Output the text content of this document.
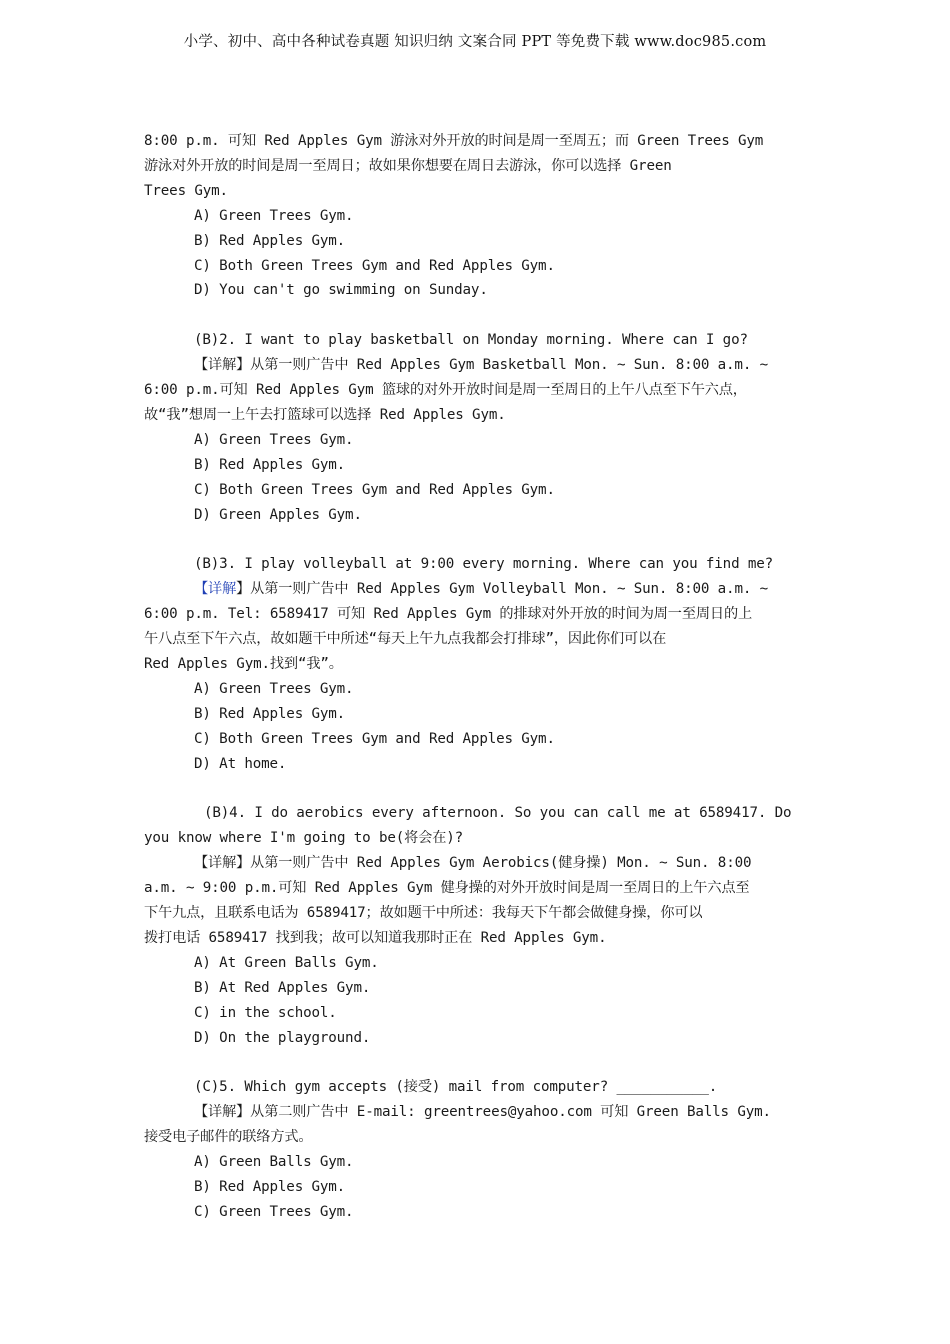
小学、初中、高中各种试卷真题 知识归纳 文案合同 PPT 等免费下载 www.doc985.com
8:00 p.m. 可知 Red Apples Gym 游泳对外开放的时间是周一至周五；而 Green Trees Gym
游泳对外开放的时间是周一至周日；故如果你想要在周日去游泳，你可以选择 Green
Trees Gym.
A) Green Trees Gym.
B) Red Apples Gym.
C) Both Green Trees Gym and Red Apples Gym.
D) You can't go swimming on Sunday.
(B)2. I want to play basketball on Monday morning. Where can I go?
【详解】从第一则广告中 Red Apples Gym Basketball Mon. ~ Sun. 8:00 a.m. ~
6:00 p.m.可知 Red Apples Gym 篮球的对外开放时间是周一至周日的上午八点至下午六点，
故“我”想周一上午去打篮球可以选择 Red Apples Gym.
A) Green Trees Gym.
B) Red Apples Gym.
C) Both Green Trees Gym and Red Apples Gym.
D) Green Apples Gym.
(B)3. I play volleyball at 9:00 every morning. Where can you find me?
【详解】从第一则广告中 Red Apples Gym Volleyball Mon. ~ Sun. 8:00 a.m. ~
6:00 p.m. Tel: 6589417 可知 Red Apples Gym 的排球对外开放的时间为周一至周日的上
午八点至下午六点，故如题干中所述“每天上午九点我都会打排球”，因此你们可以在
Red Apples Gym.找到“我”。
A) Green Trees Gym.
B) Red Apples Gym.
C) Both Green Trees Gym and Red Apples Gym.
D) At home.
(B)4. I do aerobics every afternoon. So you can call me at 6589417. Do
you know where I'm going to be(将会在)?
【详解】从第一则广告中 Red Apples Gym Aerobics(健身操) Mon. ~ Sun. 8:00
a.m. ~ 9:00 p.m.可知 Red Apples Gym 健身操的对外开放时间是周一至周日的上午六点至
下午九点，且联系电话为 6589417；故如题干中所述：我每天下午都会做健身操，你可以
拨打电话 6589417 找到我；故可以知道我那时正在 Red Apples Gym.
A) At Green Balls Gym.
B) At Red Apples Gym.
C) in the school.
D) On the playground.
(C)5. Which gym accepts (接受) mail from computer? ___________.
【详解】从第二则广告中 E-mail: greentrees@yahoo.com 可知 Green Balls Gym.
接受电子邮件的联络方式。
A) Green Balls Gym.
B) Red Apples Gym.
C) Green Trees Gym.
